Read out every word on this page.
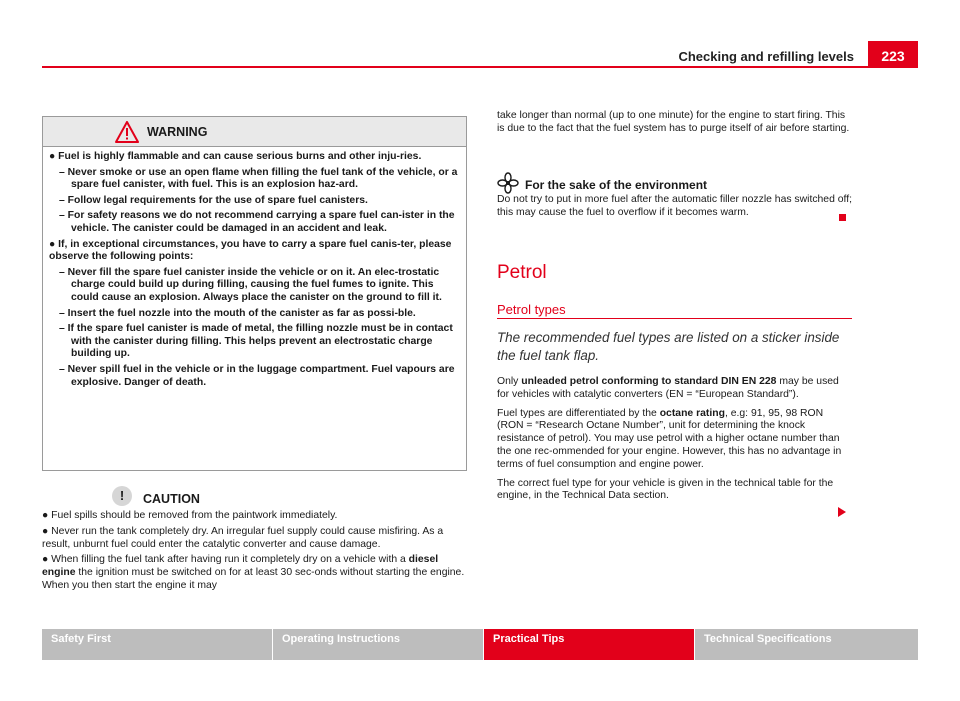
Checking and refilling levels	223
WARNING

● Fuel is highly flammable and can cause serious burns and other inju-ries.

– Never smoke or use an open flame when filling the fuel tank of the vehicle, or a spare fuel canister, with fuel. This is an explosion haz-ard.

– Follow legal requirements for the use of spare fuel canisters.

– For safety reasons we do not recommend carrying a spare fuel can-ister in the vehicle. The canister could be damaged in an accident and leak.

● If, in exceptional circumstances, you have to carry a spare fuel canis-ter, please observe the following points:

– Never fill the spare fuel canister inside the vehicle or on it. An elec-trostatic charge could build up during filling, causing the fuel fumes to ignite. This could cause an explosion. Always place the canister on the ground to fill it.

– Insert the fuel nozzle into the mouth of the canister as far as possi-ble.

– If the spare fuel canister is made of metal, the filling nozzle must be in contact with the canister during filling. This helps prevent an electrostatic charge building up.

– Never spill fuel in the vehicle or in the luggage compartment. Fuel vapours are explosive. Danger of death.

!	CAUTION

● Fuel spills should be removed from the paintwork immediately.

● Never run the tank completely dry. An irregular fuel supply could cause misfiring. As a result, unburnt fuel could enter the catalytic converter and cause damage.

● When filling the fuel tank after having run it completely dry on a vehicle with a diesel engine the ignition must be switched on for at least 30 sec-onds without starting the engine. When you then start the engine it may

take longer than normal (up to one minute) for the engine to start firing. This is due to the fact that the fuel system has to purge itself of air before starting.

For the sake of the environment
Do not try to put in more fuel after the automatic filler nozzle has switched off; this may cause the fuel to overflow if it becomes warm.
Petrol
Petrol types
The recommended fuel types are listed on a sticker inside the fuel tank flap.

Only unleaded petrol conforming to standard DIN EN 228 may be used for vehicles with catalytic converters (EN = “European Standard”).

Fuel types are differentiated by the octane rating, e.g: 91, 95, 98 RON (RON = “Research Octane Number”, unit for determining the knock resistance of petrol). You may use petrol with a higher octane number than the one rec-ommended for your engine. However, this has no advantage in terms of fuel consumption and engine power.

The correct fuel type for your vehicle is given in the technical table for the engine, in the Technical Data section.

Safety First	Operating Instructions	Practical Tips	Technical Specifications
